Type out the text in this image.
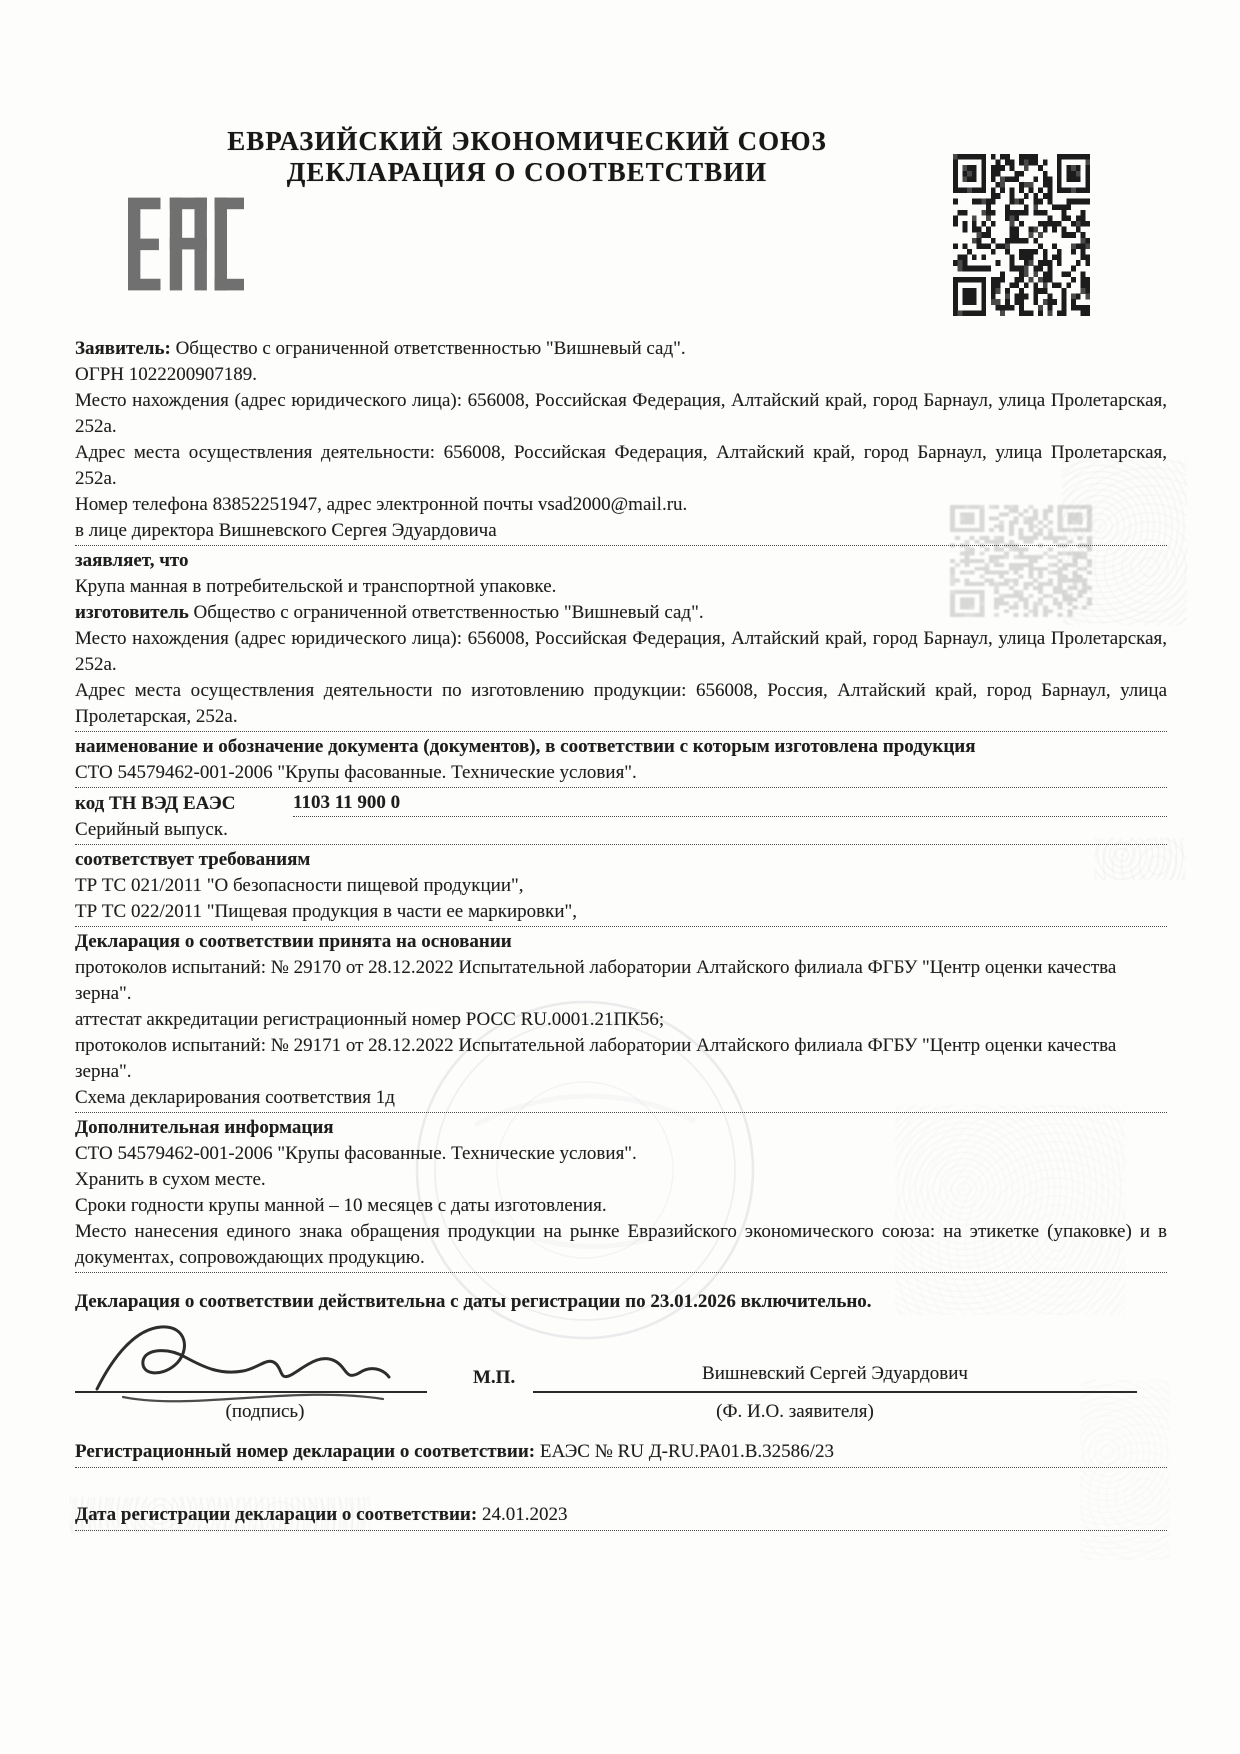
ЕВРАЗИЙСКИЙ ЭКОНОМИЧЕСКИЙ СОЮЗ
ДЕКЛАРАЦИЯ О СООТВЕТСТВИИ
Заявитель: Общество с ограниченной ответственностью "Вишневый сад".
ОГРН 1022200907189.
Место нахождения (адрес юридического лица): 656008, Российская Федерация, Алтайский край, город Барнаул, улица Пролетарская, 252а.
Адрес места осуществления деятельности: 656008, Российская Федерация, Алтайский край, город Барнаул, улица Пролетарская, 252а.
Номер телефона 83852251947, адрес электронной почты vsad2000@mail.ru.
в лице директора Вишневского Сергея Эдуардовича
заявляет, что
Крупа манная в потребительской и транспортной упаковке.
изготовитель Общество с ограниченной ответственностью "Вишневый сад".
Место нахождения (адрес юридического лица): 656008, Российская Федерация, Алтайский край, город Барнаул, улица Пролетарская, 252а.
Адрес места осуществления деятельности по изготовлению продукции: 656008, Россия, Алтайский край, город Барнаул, улица Пролетарская, 252а.
наименование и обозначение документа (документов), в соответствии с которым изготовлена продукция
СТО 54579462-001-2006 "Крупы фасованные. Технические условия".
код ТН ВЭД ЕАЭС	1103 11 900 0
Серийный выпуск.
соответствует требованиям
ТР ТС 021/2011 "О безопасности пищевой продукции",
ТР ТС 022/2011 "Пищевая продукция в части ее маркировки",
Декларация о соответствии принята на основании
протоколов испытаний: № 29170 от 28.12.2022 Испытательной лаборатории Алтайского филиала ФГБУ "Центр оценки качества зерна".
аттестат аккредитации регистрационный номер РОСС RU.0001.21ПК56;
протоколов испытаний: № 29171 от 28.12.2022 Испытательной лаборатории Алтайского филиала ФГБУ "Центр оценки качества зерна".
Схема декларирования соответствия 1д
Дополнительная информация
СТО 54579462-001-2006 "Крупы фасованные. Технические условия".
Хранить в сухом месте.
Сроки годности крупы манной – 10 месяцев с даты изготовления.
Место нанесения единого знака обращения продукции на рынке Евразийского экономического союза: на этикетке (упаковке) и в документах, сопровождающих продукцию.
Декларация о соответствии действительна с даты регистрации по 23.01.2026 включительно.
М.П.	Вишневский Сергей Эдуардович
(подпись)	(Ф. И.О. заявителя)
Регистрационный номер декларации о соответствии: ЕАЭС № RU Д-RU.РА01.В.32586/23
Дата регистрации декларации о соответствии: 24.01.2023
